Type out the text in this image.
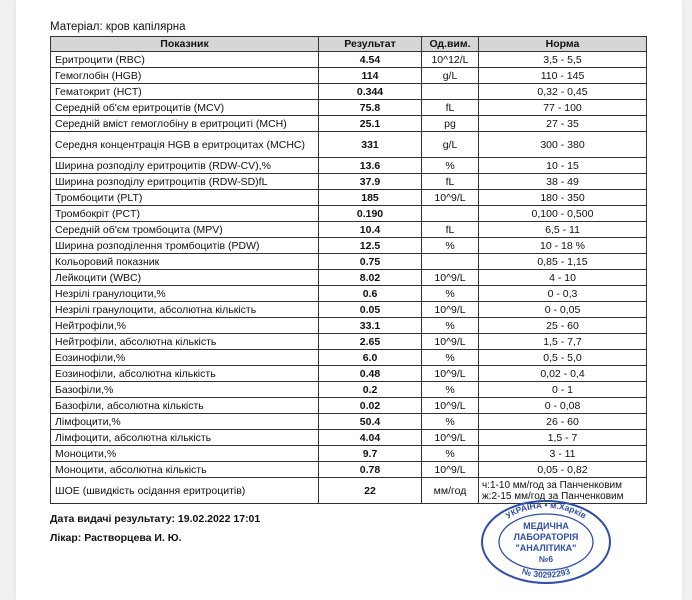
Матеріал: кров капілярна
Показник	Результат	Од.вим.	Норма
Еритроцити (RBC)	4.54	10^12/L	3,5 - 5,5
Гемоглобін (HGB)	114	g/L	110 - 145
Гематокрит (HCT)	0.344		0,32 - 0,45
Середній об'єм еритроцитів (MCV)	75.8	fL	77 - 100
Середній вміст гемоглобіну в еритроциті (MCH)	25.1	pg	27 - 35
Середня концентрація HGB в еритроцитах (MCHC)	331	g/L	300 - 380
Ширина розподілу еритроцитів (RDW-CV),%	13.6	%	10 - 15
Ширина розподілу еритроцитів (RDW-SD)fL	37.9	fL	38 - 49
Тромбоцити (PLT)	185	10^9/L	180 - 350
Тромбокріт (PCT)	0.190		0,100 - 0,500
Середній об'єм тромбоцита (MPV)	10.4	fL	6,5 - 11
Ширина розподілення тромбоцитів (PDW)	12.5	%	10 - 18 %
Кольоровий показник	0.75		0,85 - 1,15
Лейкоцити (WBC)	8.02	10^9/L	4 - 10
Незрілі гранулоцити,%	0.6	%	0 - 0,3
Незрілі гранулоцити, абсолютна кількість	0.05	10^9/L	0 - 0,05
Нейтрофіли,%	33.1	%	25 - 60
Нейтрофіли, абсолютна кількість	2.65	10^9/L	1,5 - 7,7
Еозинофіли,%	6.0	%	0,5 - 5,0
Еозинофіли, абсолютна кількість	0.48	10^9/L	0,02 - 0,4
Базофіли,%	0.2	%	0 - 1
Базофіли, абсолютна кількість	0.02	10^9/L	0 - 0,08
Лімфоцити,%	50.4	%	26 - 60
Лімфоцити, абсолютна кількість	4.04	10^9/L	1,5 - 7
Моноцити,%	9.7	%	3 - 11
Моноцити, абсолютна кількість	0.78	10^9/L	0,05 - 0,82
ШОЕ (швидкість осідання еритроцитів)	22	мм/год	ч:1-10 мм/год за Панченковим
ж:2-15 мм/год за Панченковим
Дата видачі результату: 19.02.2022 17:01
Лікар: Растворцева И. Ю.
УКРАЇНА • м.Харків
№ 30292293
МЕДИЧНА
ЛАБОРАТОРІЯ
"АНАЛІТИКА"
№6
